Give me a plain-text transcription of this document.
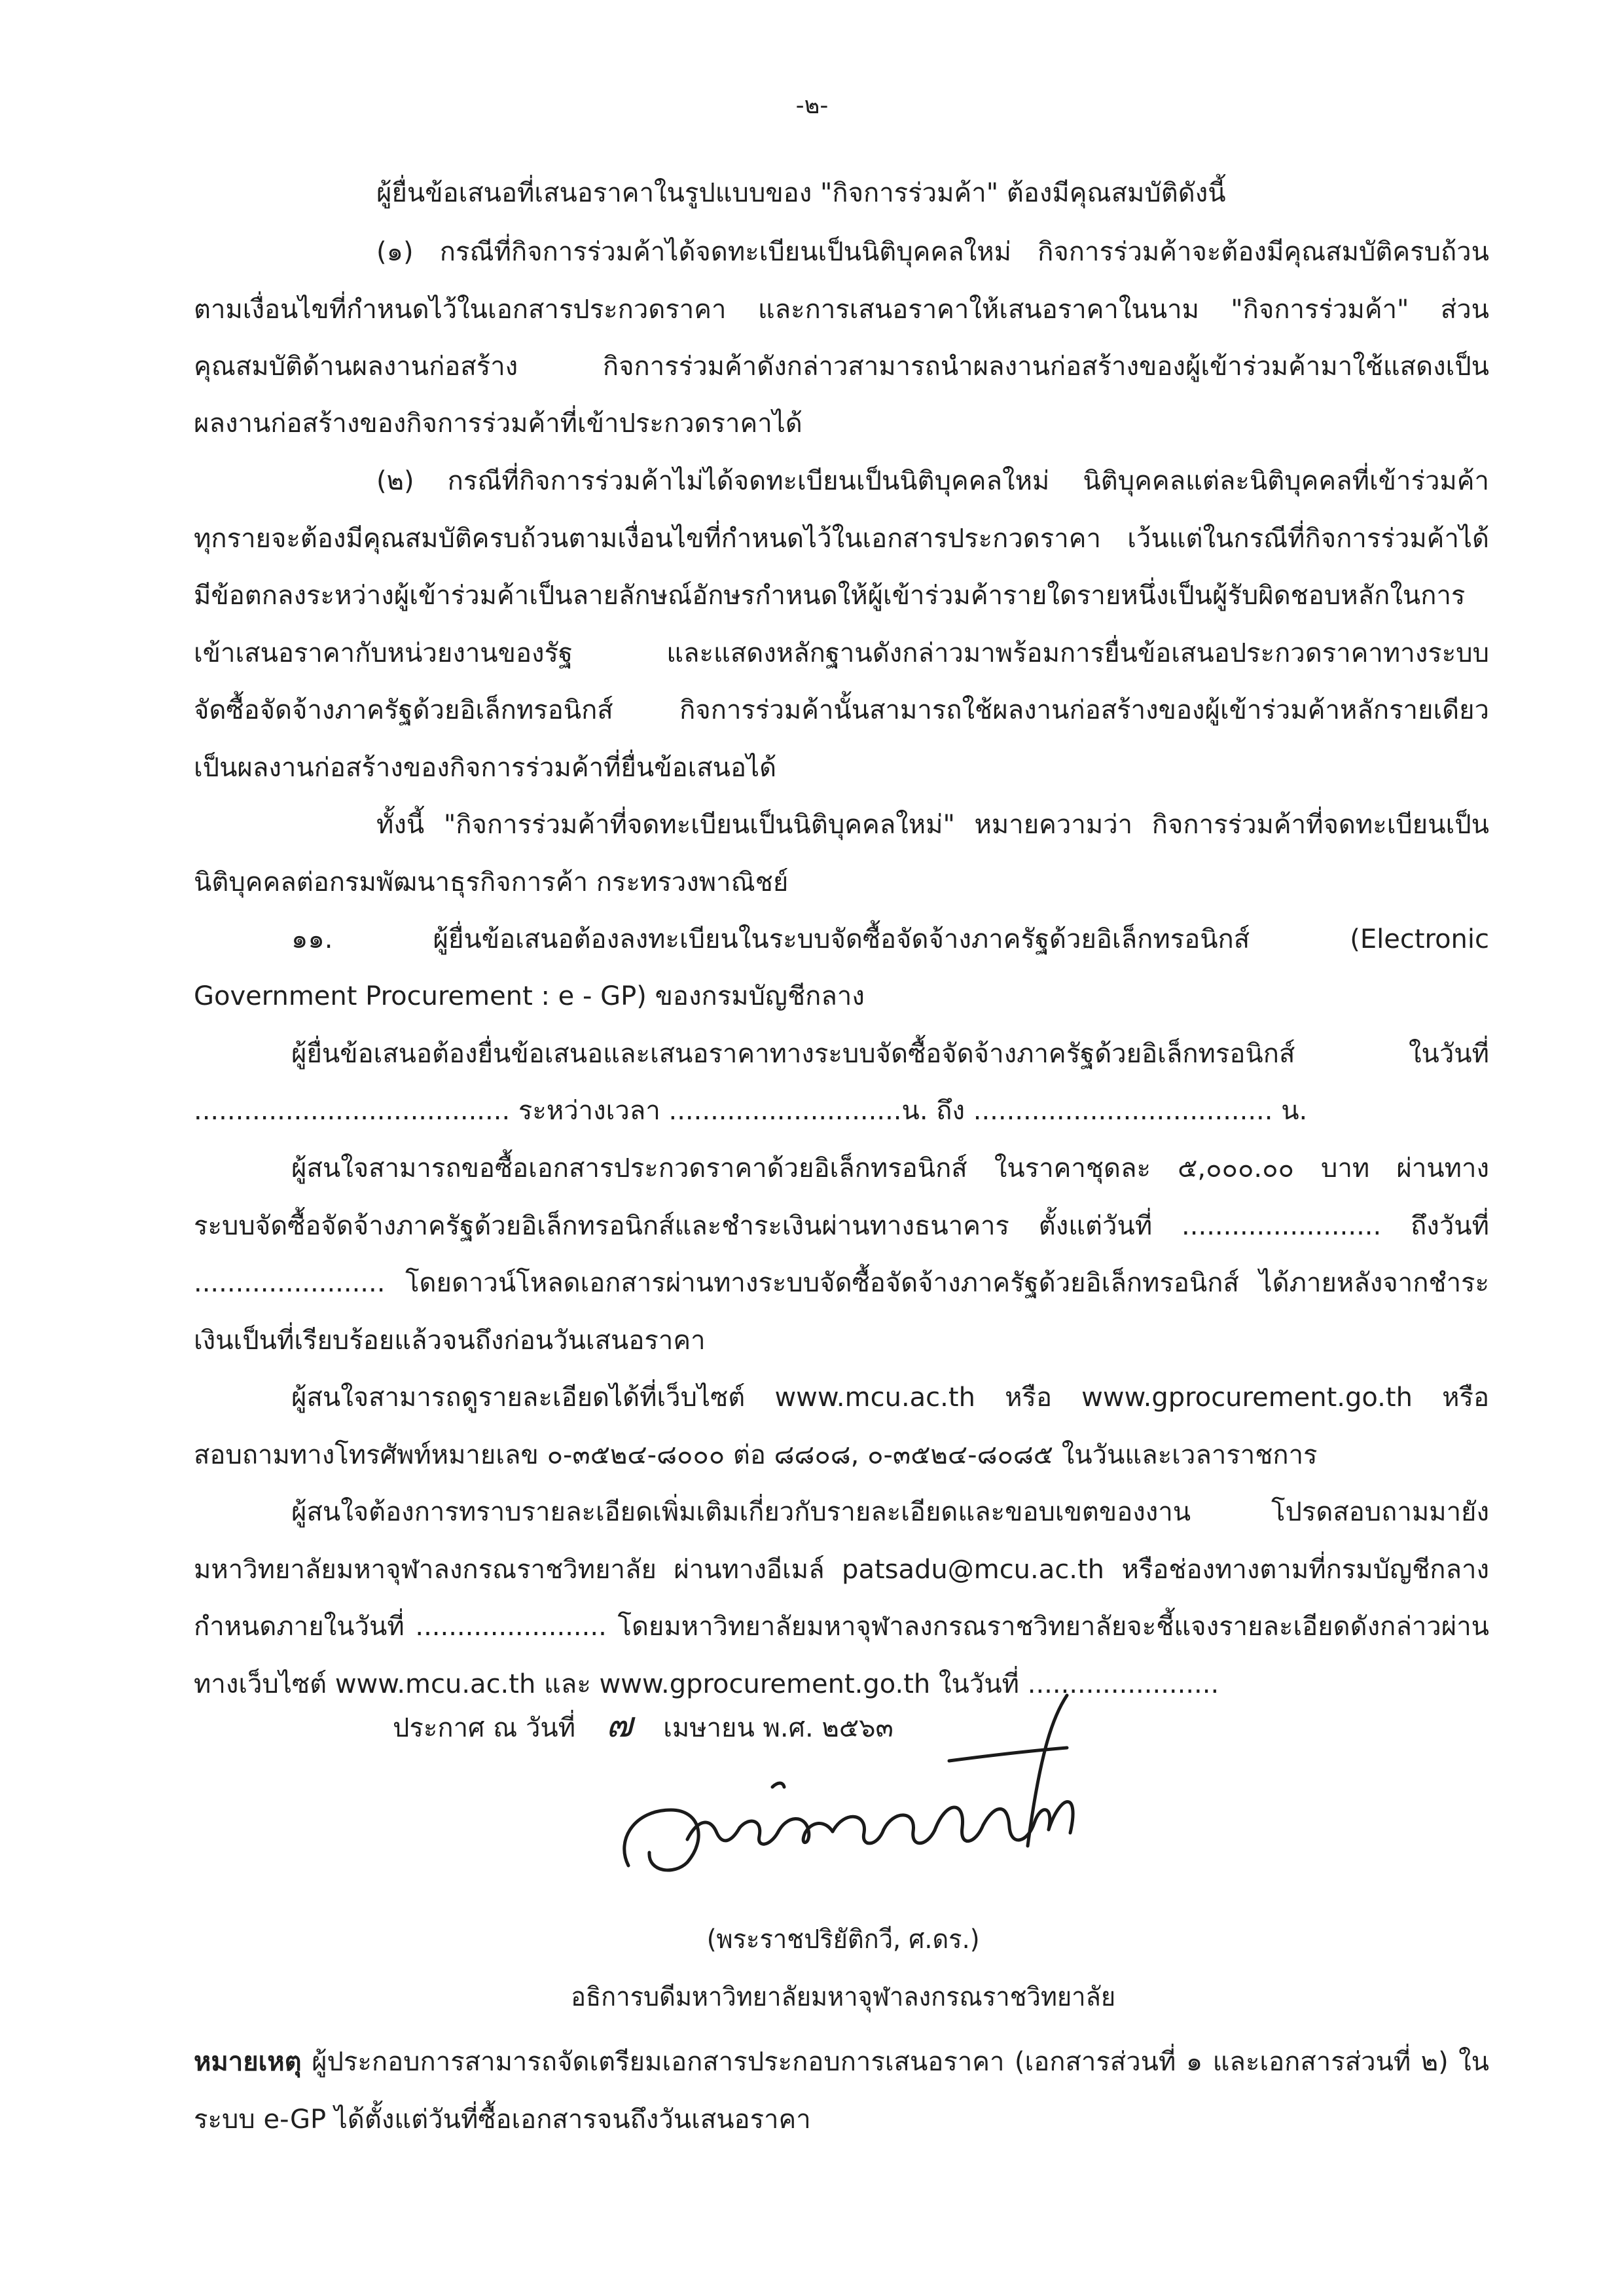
-๒-
ผู้ยื่นข้อเสนอที่เสนอราคาในรูปแบบของ "กิจการร่วมค้า" ต้องมีคุณสมบัติดังนี้
(๑) กรณีที่กิจการร่วมค้าได้จดทะเบียนเป็นนิติบุคคลใหม่ กิจการร่วมค้าจะต้องมีคุณสมบัติครบถ้วน
ตามเงื่อนไขที่กำหนดไว้ในเอกสารประกวดราคา และการเสนอราคาให้เสนอราคาในนาม "กิจการร่วมค้า" ส่วน
คุณสมบัติด้านผลงานก่อสร้าง กิจการร่วมค้าดังกล่าวสามารถนำผลงานก่อสร้างของผู้เข้าร่วมค้ามาใช้แสดงเป็น
ผลงานก่อสร้างของกิจการร่วมค้าที่เข้าประกวดราคาได้
(๒) กรณีที่กิจการร่วมค้าไม่ได้จดทะเบียนเป็นนิติบุคคลใหม่ นิติบุคคลแต่ละนิติบุคคลที่เข้าร่วมค้า
ทุกรายจะต้องมีคุณสมบัติครบถ้วนตามเงื่อนไขที่กำหนดไว้ในเอกสารประกวดราคา เว้นแต่ในกรณีที่กิจการร่วมค้าได้
มีข้อตกลงระหว่างผู้เข้าร่วมค้าเป็นลายลักษณ์อักษรกำหนดให้ผู้เข้าร่วมค้ารายใดรายหนึ่งเป็นผู้รับผิดชอบหลักในการ
เข้าเสนอราคากับหน่วยงานของรัฐ และแสดงหลักฐานดังกล่าวมาพร้อมการยื่นข้อเสนอประกวดราคาทางระบบ
จัดซื้อจัดจ้างภาครัฐด้วยอิเล็กทรอนิกส์ กิจการร่วมค้านั้นสามารถใช้ผลงานก่อสร้างของผู้เข้าร่วมค้าหลักรายเดียว
เป็นผลงานก่อสร้างของกิจการร่วมค้าที่ยื่นข้อเสนอได้
ทั้งนี้ "กิจการร่วมค้าที่จดทะเบียนเป็นนิติบุคคลใหม่" หมายความว่า กิจการร่วมค้าที่จดทะเบียนเป็น
นิติบุคคลต่อกรมพัฒนาธุรกิจการค้า กระทรวงพาณิชย์
๑๑. ผู้ยื่นข้อเสนอต้องลงทะเบียนในระบบจัดซื้อจัดจ้างภาครัฐด้วยอิเล็กทรอนิกส์ (Electronic
Government Procurement : e - GP) ของกรมบัญชีกลาง
ผู้ยื่นข้อเสนอต้องยื่นข้อเสนอและเสนอราคาทางระบบจัดซื้อจัดจ้างภาครัฐด้วยอิเล็กทรอนิกส์ ในวันที่
...................................... ระหว่างเวลา ............................น. ถึง .................................... น.
ผู้สนใจสามารถขอซื้อเอกสารประกวดราคาด้วยอิเล็กทรอนิกส์ ในราคาชุดละ ๕,๐๐๐.๐๐ บาท ผ่านทาง
ระบบจัดซื้อจัดจ้างภาครัฐด้วยอิเล็กทรอนิกส์และชำระเงินผ่านทางธนาคาร ตั้งแต่วันที่ ........................ ถึงวันที่
....................... โดยดาวน์โหลดเอกสารผ่านทางระบบจัดซื้อจัดจ้างภาครัฐด้วยอิเล็กทรอนิกส์ ได้ภายหลังจากชำระ
เงินเป็นที่เรียบร้อยแล้วจนถึงก่อนวันเสนอราคา
ผู้สนใจสามารถดูรายละเอียดได้ที่เว็บไซต์ www.mcu.ac.th หรือ www.gprocurement.go.th หรือ
สอบถามทางโทรศัพท์หมายเลข ๐-๓๕๒๔-๘๐๐๐ ต่อ ๘๘๐๘, ๐-๓๕๒๔-๘๐๘๕ ในวันและเวลาราชการ
ผู้สนใจต้องการทราบรายละเอียดเพิ่มเติมเกี่ยวกับรายละเอียดและขอบเขตของงาน โปรดสอบถามมายัง
มหาวิทยาลัยมหาจุฬาลงกรณราชวิทยาลัย ผ่านทางอีเมล์ patsadu@mcu.ac.th หรือช่องทางตามที่กรมบัญชีกลาง
กำหนดภายในวันที่ ....................... โดยมหาวิทยาลัยมหาจุฬาลงกรณราชวิทยาลัยจะชี้แจงรายละเอียดดังกล่าวผ่าน
ทางเว็บไซต์ www.mcu.ac.th และ www.gprocurement.go.th ในวันที่ .......................
ประกาศ ณ วันที่ ๗ เมษายน พ.ศ. ๒๕๖๓
(พระราชปริยัติกวี, ศ.ดร.)
อธิการบดีมหาวิทยาลัยมหาจุฬาลงกรณราชวิทยาลัย
หมายเหตุ ผู้ประกอบการสามารถจัดเตรียมเอกสารประกอบการเสนอราคา (เอกสารส่วนที่ ๑ และเอกสารส่วนที่ ๒) ใน
ระบบ e-GP ได้ตั้งแต่วันที่ซื้อเอกสารจนถึงวันเสนอราคา
